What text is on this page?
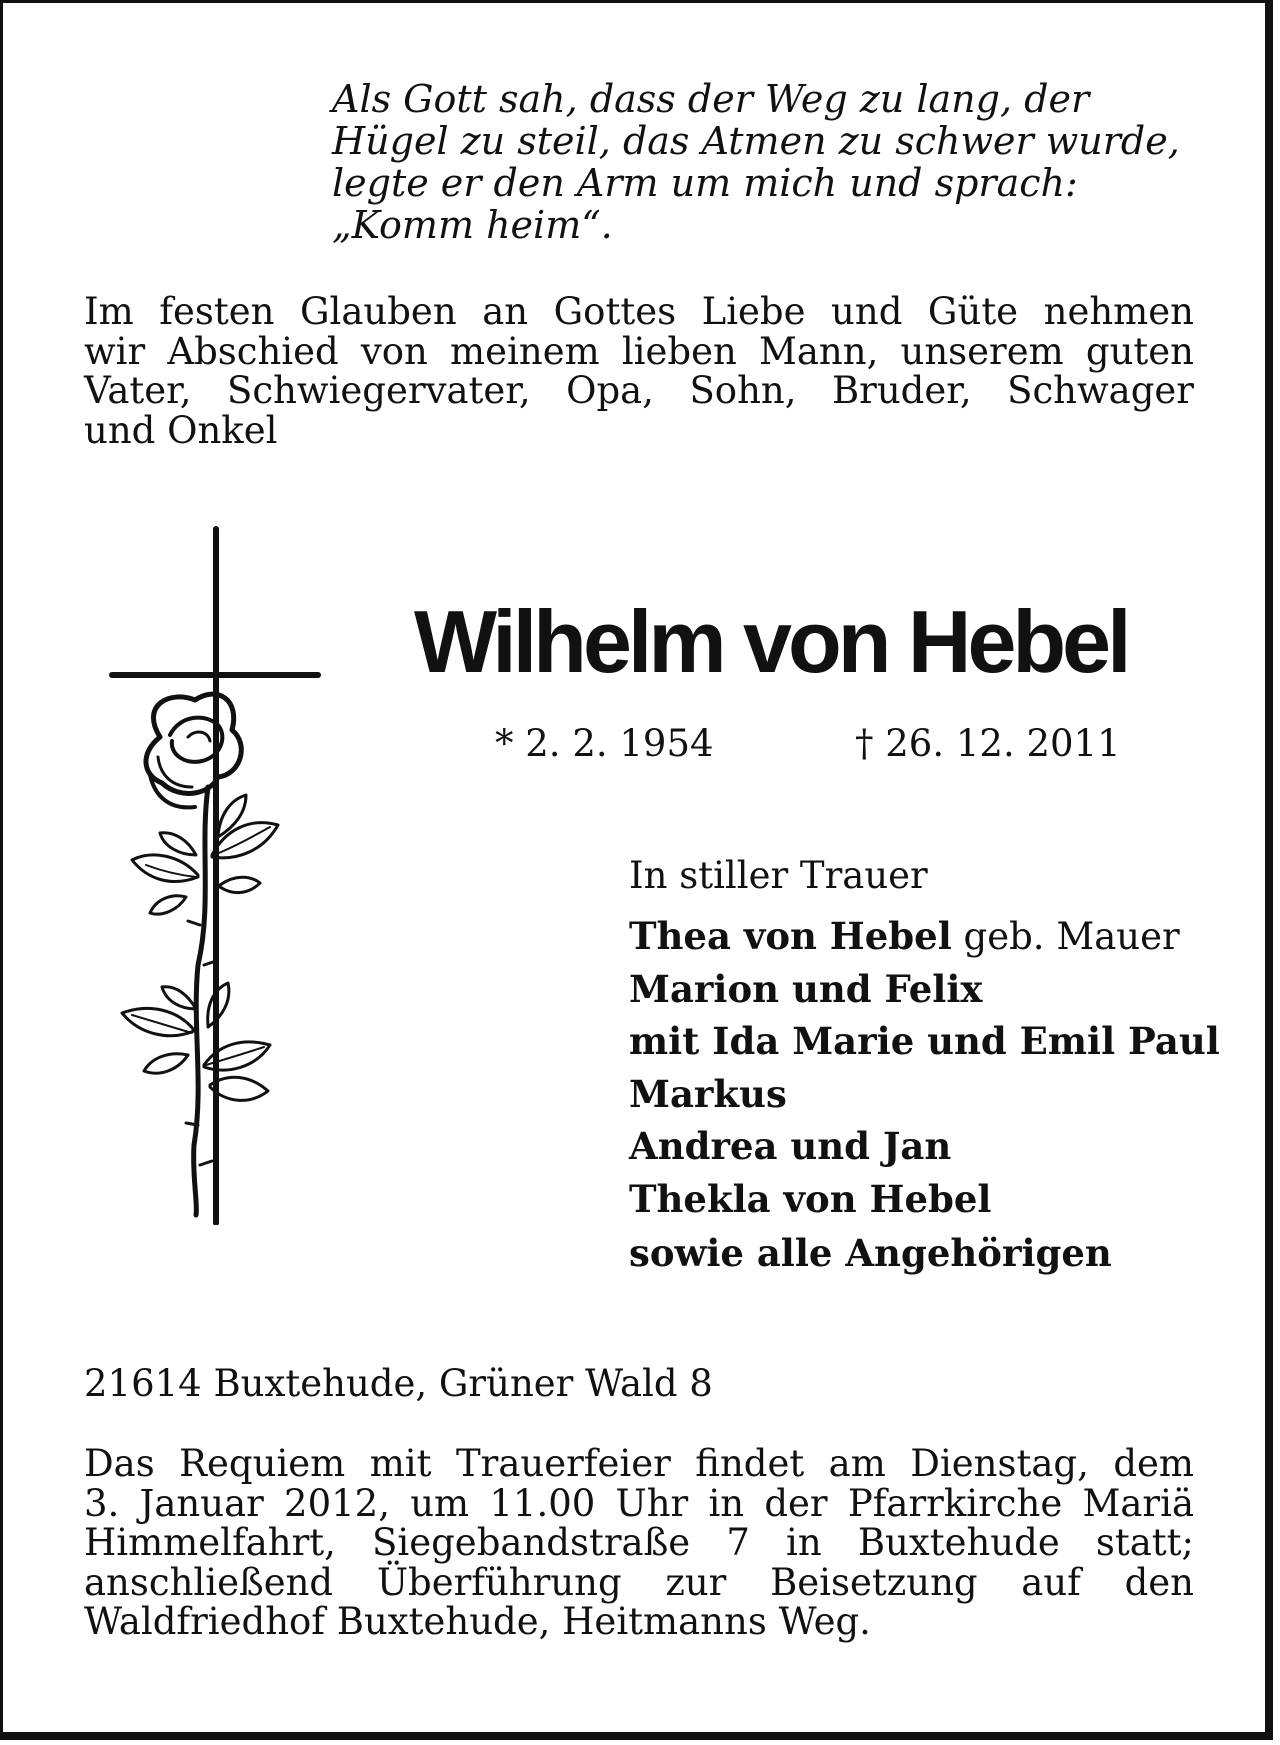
Als Gott sah, dass der Weg zu lang, der
Hügel zu steil, das Atmen zu schwer wurde,
legte er den Arm um mich und sprach:
„Komm heim“.
Im festen Glauben an Gottes Liebe und Güte nehmen
wir Abschied von meinem lieben Mann, unserem guten
Vater, Schwiegervater, Opa, Sohn, Bruder, Schwager
und Onkel
Wilhelm von Hebel
* 2. 2. 1954	† 26. 12. 2011
In stiller Trauer
Thea von Hebel geb. Mauer
Marion und Felix
mit Ida Marie und Emil Paul
Markus
Andrea und Jan
Thekla von Hebel
sowie alle Angehörigen
21614 Buxtehude, Grüner Wald 8
Das Requiem mit Trauerfeier findet am Dienstag, dem
3. Januar 2012, um 11.00 Uhr in der Pfarrkirche Mariä
Himmelfahrt, Siegebandstraße 7 in Buxtehude statt;
anschließend Überführung zur Beisetzung auf den
Waldfriedhof Buxtehude, Heitmanns Weg.
